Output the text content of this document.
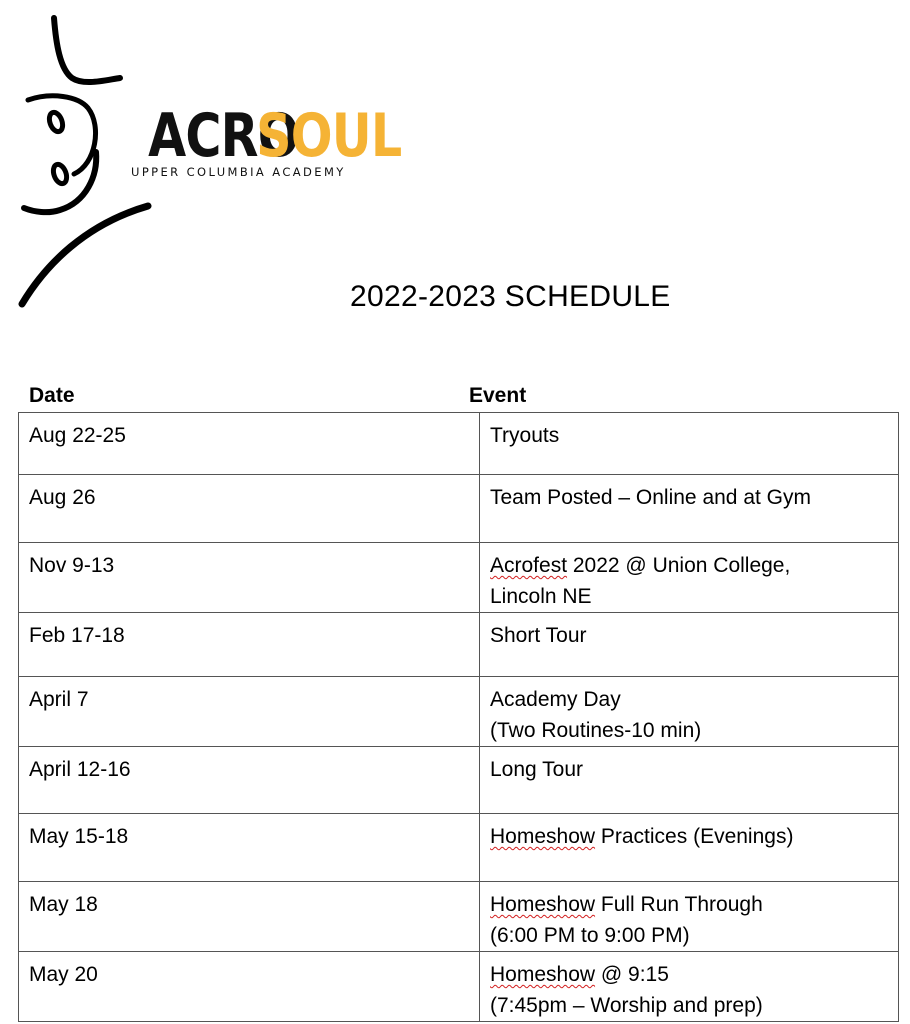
ACRO
SOUL
UPPER COLUMBIA ACADEMY
2022-2023 SCHEDULE
Date	Event
Aug 22-25	Tryouts
Aug 26	Team Posted – Online and at Gym
Nov 9-13	Acrofest 2022 @ Union College,
Lincoln NE
Feb 17-18	Short Tour
April 7	Academy Day
(Two Routines-10 min)
April 12-16	Long Tour
May 15-18	Homeshow Practices (Evenings)
May 18	Homeshow Full Run Through
(6:00 PM to 9:00 PM)
May 20	Homeshow @ 9:15
(7:45pm – Worship and prep)
